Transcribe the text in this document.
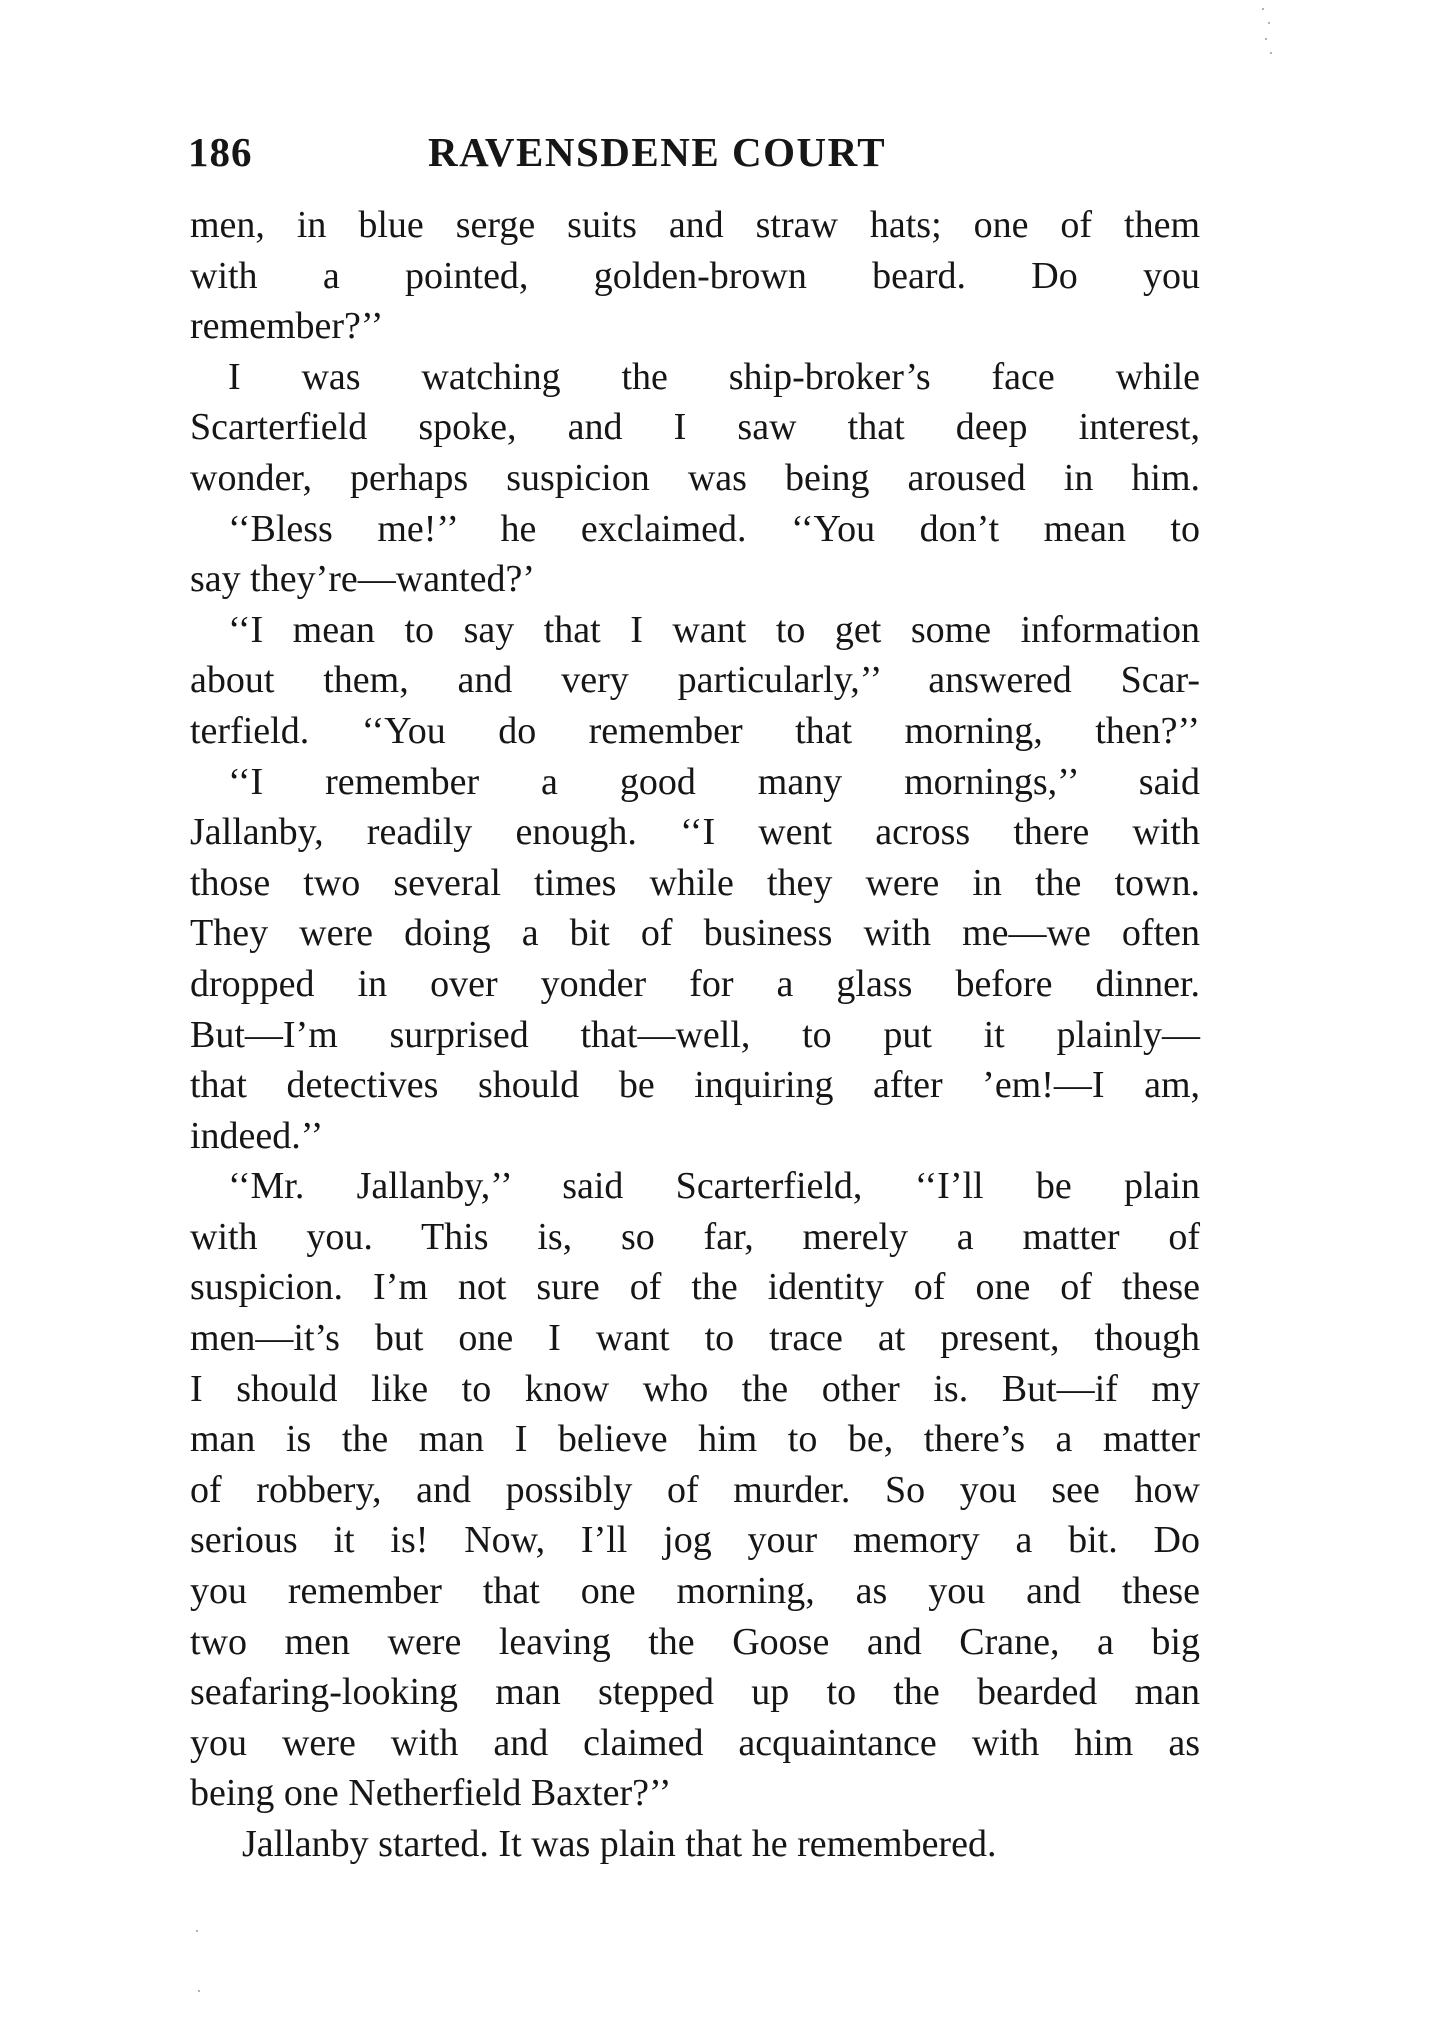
186	RAVENSDENE COURT
men, in blue serge suits and straw hats; one of them
with a pointed, golden-brown beard. Do you
remember?’’
I was watching the ship-broker’s face while
Scarterfield spoke, and I saw that deep interest,
wonder, perhaps suspicion was being aroused in him.
‘‘Bless me!’’ he exclaimed. ‘‘You don’t mean to
say they’re—wanted?’
‘‘I mean to say that I want to get some information
about them, and very particularly,’’ answered Scar-
terfield. ‘‘You do remember that morning, then?’’
‘‘I remember a good many mornings,’’ said
Jallanby, readily enough. ‘‘I went across there with
those two several times while they were in the town.
They were doing a bit of business with me—we often
dropped in over yonder for a glass before dinner.
But—I’m surprised that—well, to put it plainly—
that detectives should be inquiring after ’em!—I am,
indeed.’’
‘‘Mr. Jallanby,’’ said Scarterfield, ‘‘I’ll be plain
with you. This is, so far, merely a matter of
suspicion. I’m not sure of the identity of one of these
men—it’s but one I want to trace at present, though
I should like to know who the other is. But—if my
man is the man I believe him to be, there’s a matter
of robbery, and possibly of murder. So you see how
serious it is! Now, I’ll jog your memory a bit. Do
you remember that one morning, as you and these
two men were leaving the Goose and Crane, a big
seafaring-looking man stepped up to the bearded man
you were with and claimed acquaintance with him as
being one Netherfield Baxter?’’
Jallanby started. It was plain that he remembered.
